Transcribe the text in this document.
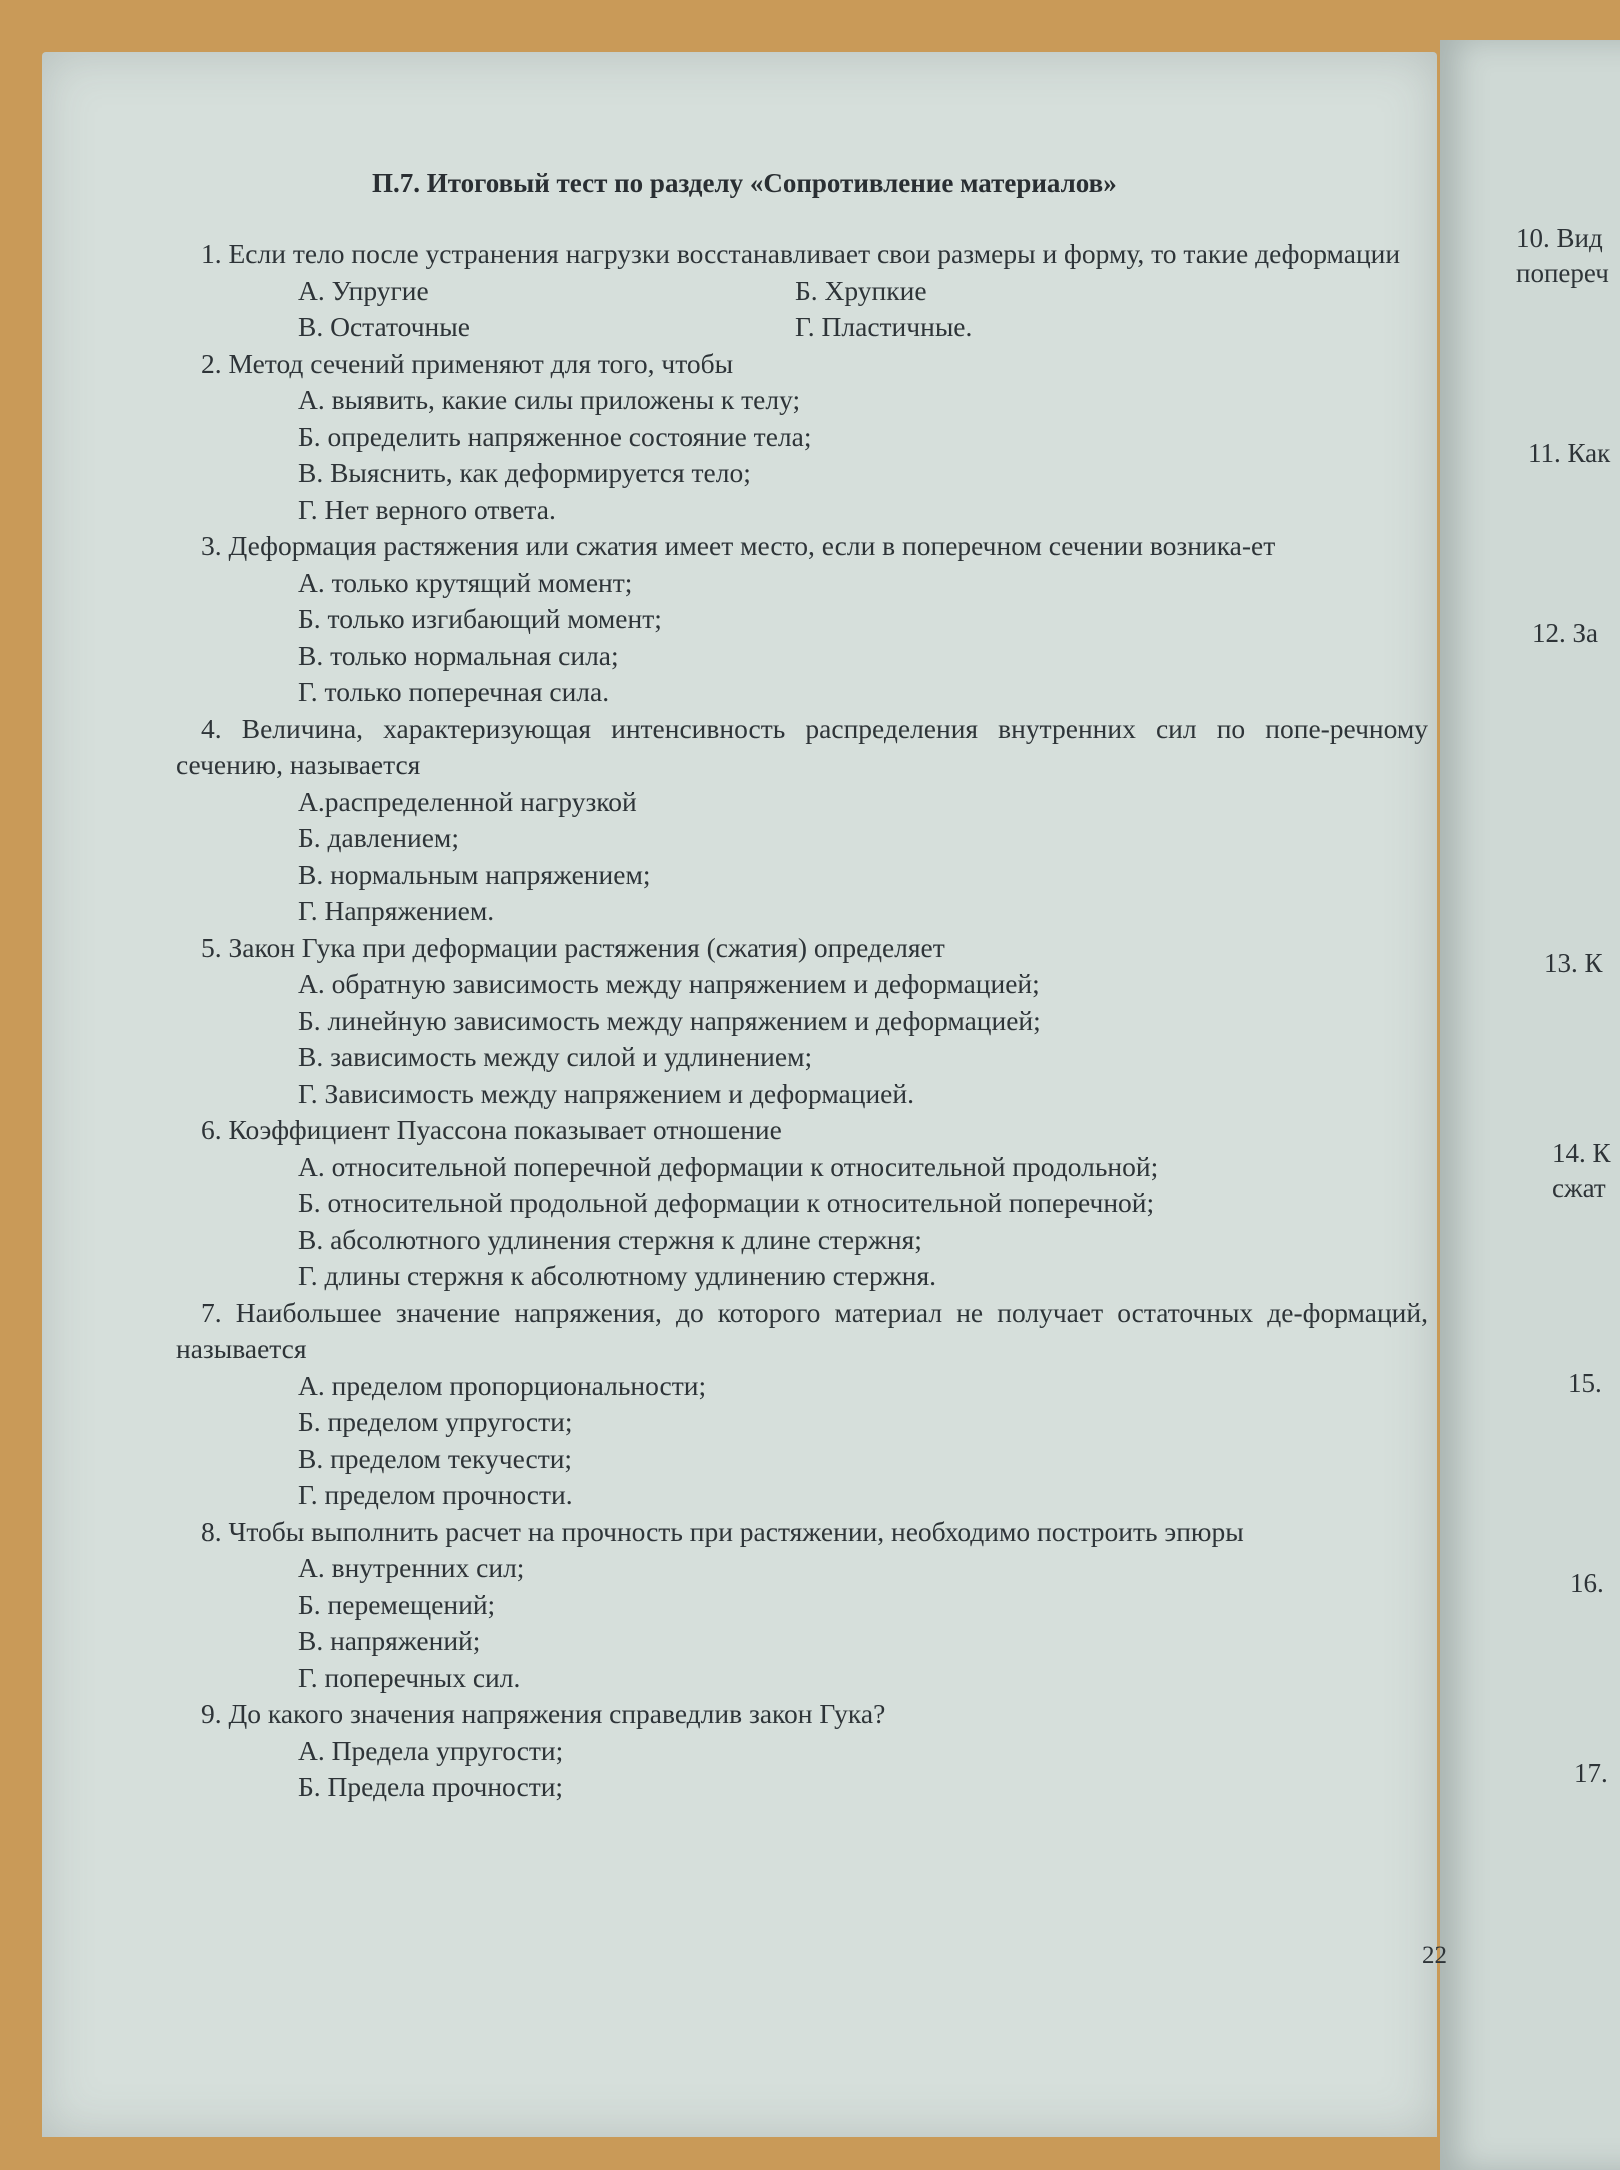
10. Вид
попереч
11. Как
12. За
13. К
14. К
сжат
15.
16.
17.
П.7. Итоговый тест по разделу «Сопротивление материалов»
1. Если тело после устранения нагрузки восстанавливает свои размеры и форму, то такие деформации
А. Упругие	Б. Хрупкие
В. Остаточные	Г. Пластичные.
2. Метод сечений применяют для того, чтобы
А. выявить, какие силы приложены к телу;
Б. определить напряженное состояние тела;
В. Выяснить, как деформируется тело;
Г. Нет верного ответа.
3. Деформация растяжения или сжатия имеет место, если в поперечном сечении возника-ет
А. только крутящий момент;
Б. только изгибающий момент;
В. только нормальная сила;
Г. только поперечная сила.
4. Величина, характеризующая интенсивность распределения внутренних сил по попе-речному сечению, называется
А.распределенной нагрузкой
Б. давлением;
В. нормальным напряжением;
Г. Напряжением.
5. Закон Гука при деформации растяжения (сжатия) определяет
А. обратную зависимость между напряжением и деформацией;
Б. линейную зависимость между напряжением и деформацией;
В. зависимость между силой и удлинением;
Г. Зависимость между напряжением и деформацией.
6. Коэффициент Пуассона показывает отношение
А. относительной поперечной деформации к относительной продольной;
Б. относительной продольной деформации к относительной поперечной;
В. абсолютного удлинения стержня к длине стержня;
Г. длины стержня к абсолютному удлинению стержня.
7. Наибольшее значение напряжения, до которого материал не получает остаточных де-формаций, называется
А. пределом пропорциональности;
Б. пределом упругости;
В. пределом текучести;
Г. пределом прочности.
8. Чтобы выполнить расчет на прочность при растяжении, необходимо построить эпюры
А. внутренних сил;
Б. перемещений;
В. напряжений;
Г. поперечных сил.
9. До какого значения напряжения справедлив закон Гука?
А. Предела упругости;
Б. Предела прочности;
22
